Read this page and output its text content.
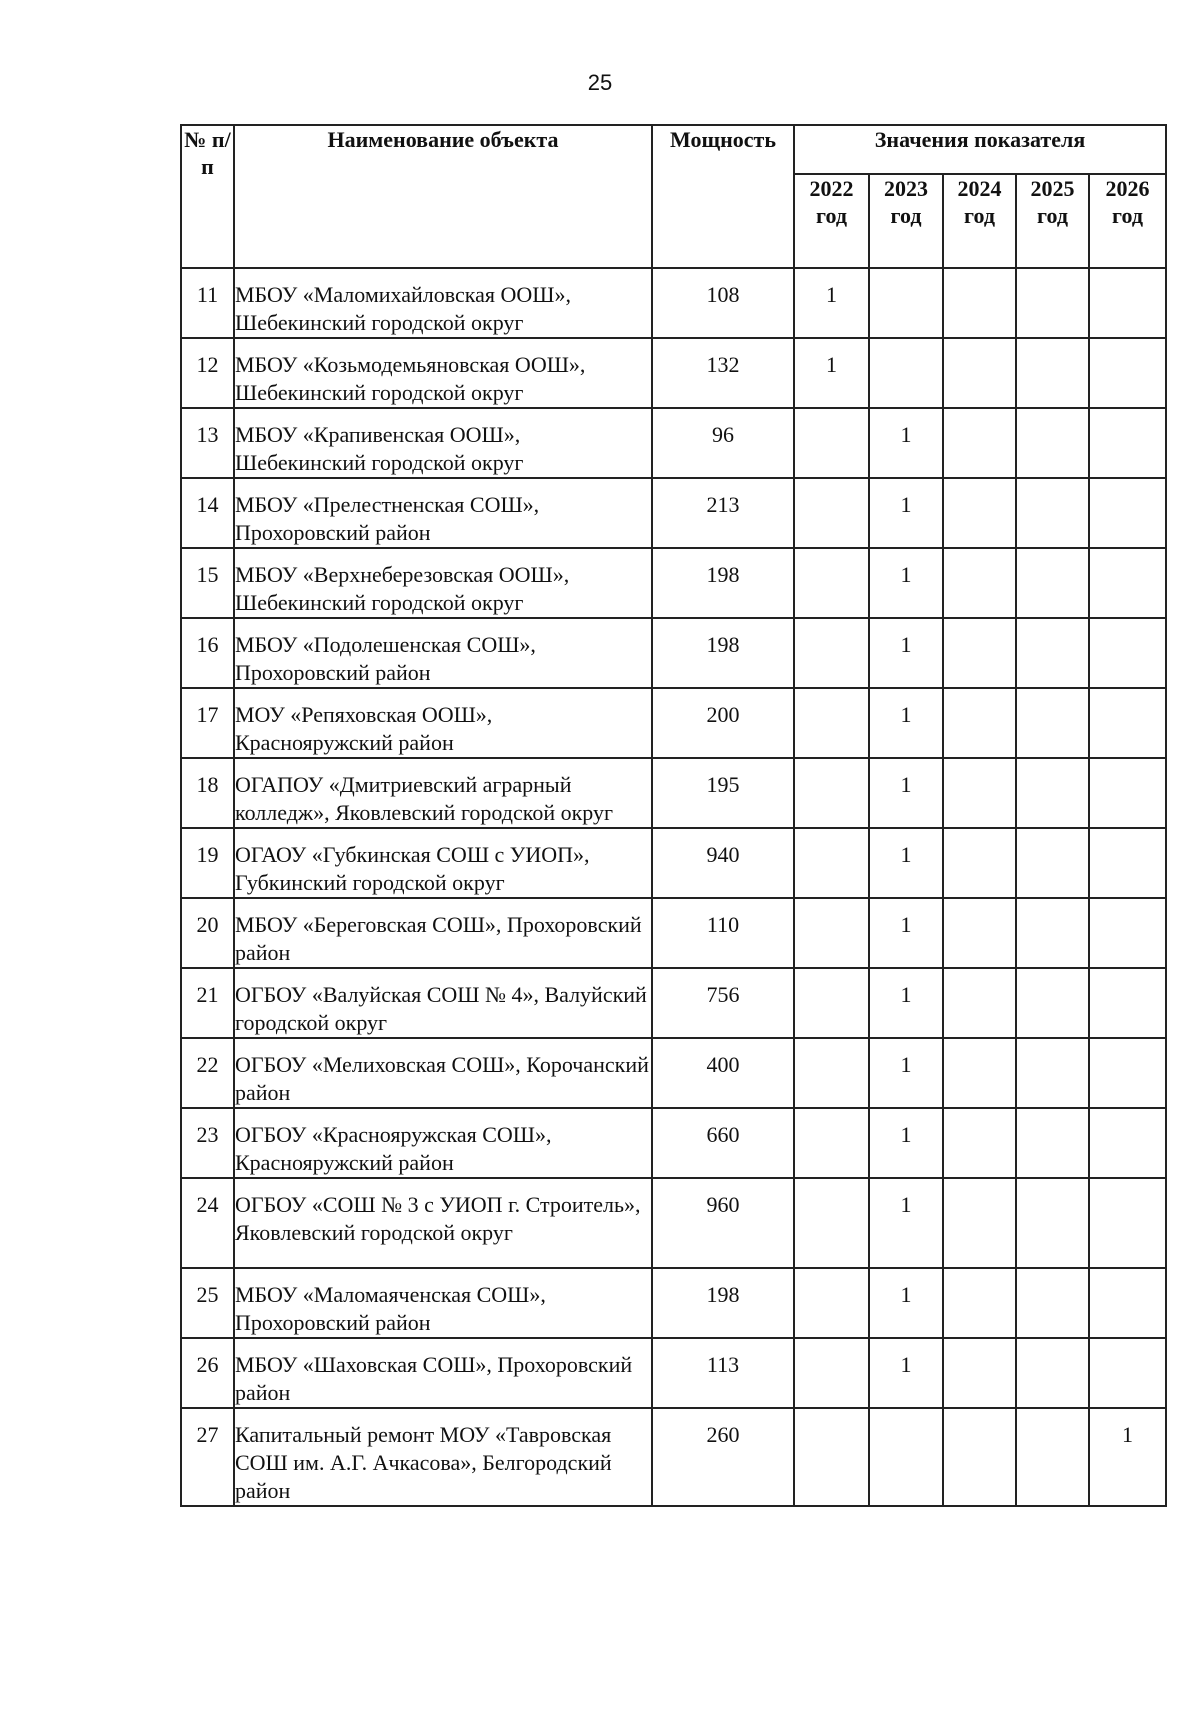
25
№ п/п	Наименование объекта	Мощность	Значения показателя				
			2022 год	2023 год	2024 год	2025 год	2026 год
11	МБОУ «Маломихайловская ООШ», Шебекинский городской округ	108	1				
12	МБОУ «Козьмодемьяновская ООШ», Шебекинский городской округ	132	1				
13	МБОУ «Крапивенская ООШ», Шебекинский городской округ	96		1			
14	МБОУ «Прелестненская СОШ», Прохоровский район	213		1			
15	МБОУ «Верхнеберезовская ООШ», Шебекинский городской округ	198		1			
16	МБОУ «Подолешенская СОШ», Прохоровский район	198		1			
17	МОУ «Репяховская ООШ», Краснояружский район	200		1			
18	ОГАПОУ «Дмитриевский аграрный колледж», Яковлевский городской округ	195		1			
19	ОГАОУ «Губкинская СОШ с УИОП», Губкинский городской округ	940		1			
20	МБОУ «Береговская СОШ», Прохоровский район	110		1			
21	ОГБОУ «Валуйская СОШ № 4», Валуйский городской округ	756		1			
22	ОГБОУ «Мелиховская СОШ», Корочанский район	400		1			
23	ОГБОУ «Краснояружская СОШ», Краснояружский район	660		1			
24	ОГБОУ «СОШ № 3 с УИОП г. Строитель», Яковлевский городской округ	960		1			
25	МБОУ «Маломаяченская СОШ», Прохоровский район	198		1			
26	МБОУ «Шаховская СОШ», Прохоровский район	113		1			
27	Капитальный ремонт МОУ «Тавровская СОШ им. А.Г. Ачкасова», Белгородский район	260					1
